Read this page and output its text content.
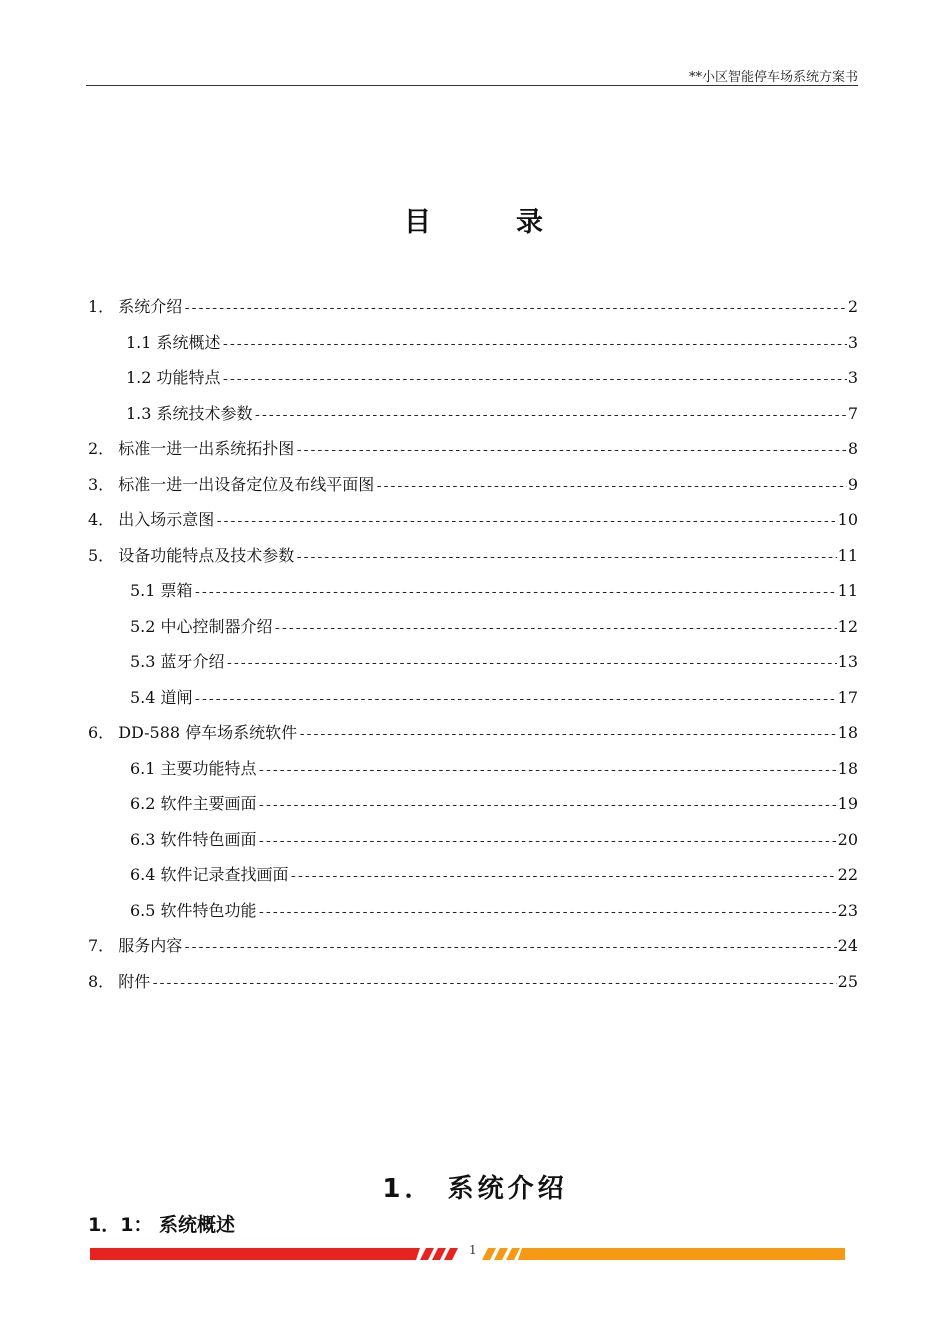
**小区智能停车场系统方案书
目	录
1． 系统介绍 -----	2
1.1 系统概述 -----	3
1.2 功能特点 -----	3
1.3 系统技术参数 -----	7
2． 标准一进一出系统拓扑图 -----	8
3． 标准一进一出设备定位及布线平面图 -----	9
4． 出入场示意图 -----	10
5． 设备功能特点及技术参数 -----	11
5.1 票箱 -----	11
5.2 中心控制器介绍 -----	12
5.3 蓝牙介绍 -----	13
5.4 道闸 -----	17
6． DD-588 停车场系统软件 -----	18
6.1 主要功能特点 -----	18
6.2 软件主要画面 -----	19
6.3 软件特色画面 -----	20
6.4 软件记录查找画面 -----	22
6.5 软件特色功能 -----	23
7． 服务内容 -----	24
8． 附件 -----	25
1． 系统介绍
1．1： 系统概述
1
